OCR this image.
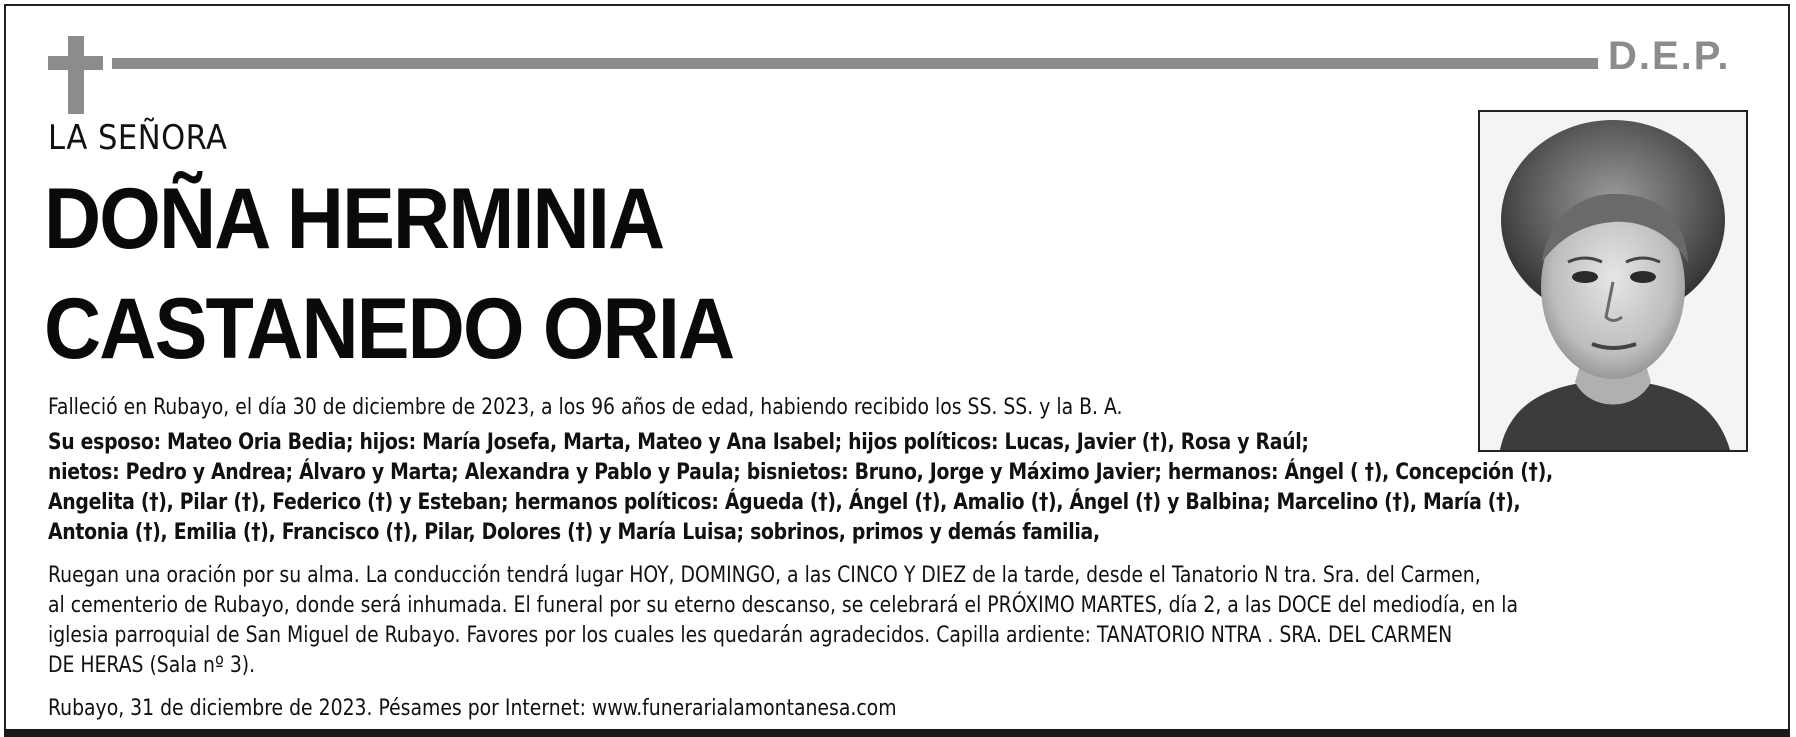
D.E.P.
LA SEÑORA
DOÑA HERMINIA
CASTANEDO ORIA
Falleció en Rubayo, el día 30 de diciembre de 2023, a los 96 años de edad, habiendo recibido los SS. SS. y la B. A.
Su esposo: Mateo Oria Bedia; hijos: María Josefa, Marta, Mateo y Ana Isabel; hijos políticos: Lucas, Javier (†), Rosa y Raúl;
nietos: Pedro y Andrea; Álvaro y Marta; Alexandra y Pablo y Paula; bisnietos: Bruno, Jorge y Máximo Javier; hermanos: Ángel ( †), Concepción (†),
Angelita (†), Pilar (†), Federico (†) y Esteban; hermanos políticos: Águeda (†), Ángel (†), Amalio (†), Ángel (†) y Balbina; Marcelino (†), María (†),
Antonia (†), Emilia (†), Francisco (†), Pilar, Dolores (†) y María Luisa; sobrinos, primos y demás familia,
Ruegan una oración por su alma. La conducción tendrá lugar HOY, DOMINGO, a las CINCO Y DIEZ de la tarde, desde el Tanatorio N tra. Sra. del Carmen,
al cementerio de Rubayo, donde será inhumada. El funeral por su eterno descanso, se celebrará el PRÓXIMO MARTES, día 2, a las DOCE del mediodía, en la
iglesia parroquial de San Miguel de Rubayo. Favores por los cuales les quedarán agradecidos. Capilla ardiente: TANATORIO NTRA . SRA. DEL CARMEN
DE HERAS (Sala nº 3).
Rubayo, 31 de diciembre de 2023. Pésames por Internet: www.funerarialamontanesa.com
